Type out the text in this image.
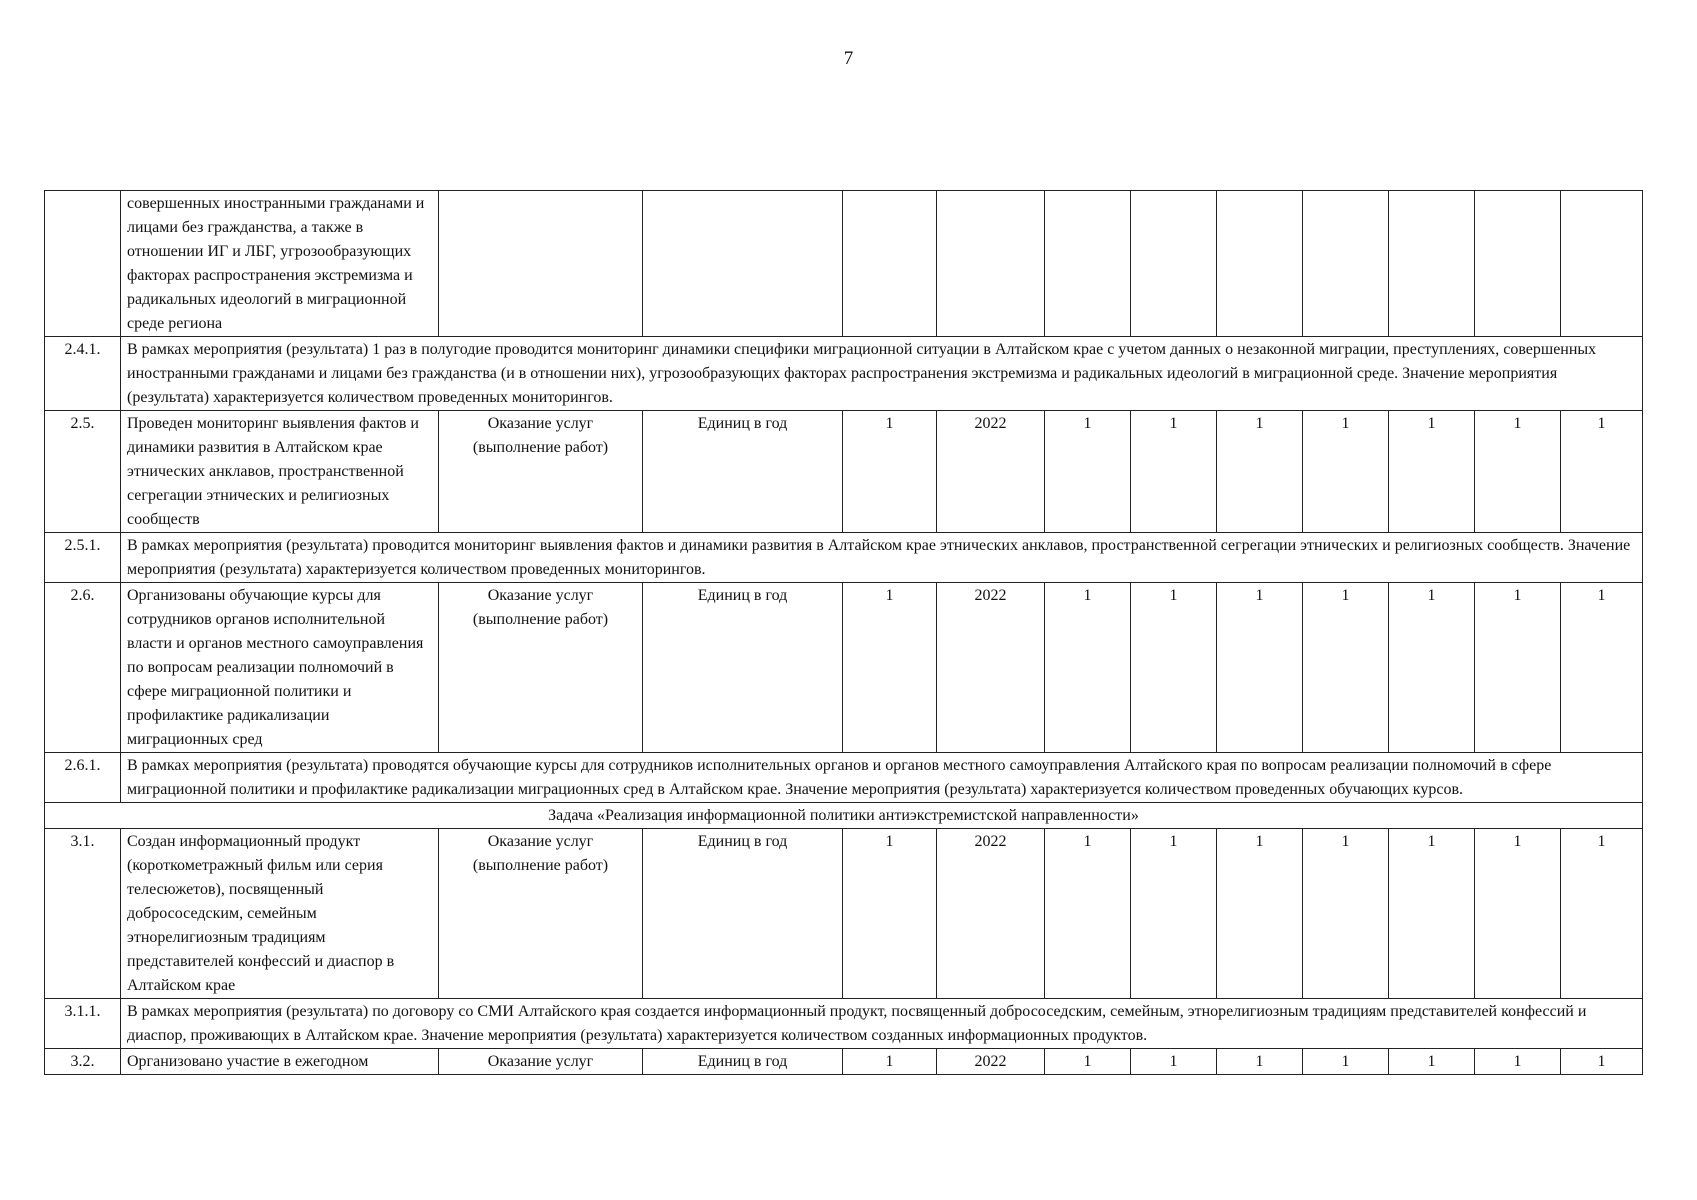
7
	совершенных иностранными гражданами и лицами без гражданства, а также в отношении ИГ и ЛБГ, угрозообразующих факторах распространения экстремизма и радикальных идеологий в миграционной среде региона											
2.4.1.	В рамках мероприятия (результата) 1 раз в полугодие проводится мониторинг динамики специфики миграционной ситуации в Алтайском крае с учетом данных о незаконной миграции, преступлениях, совершенных иностранными гражданами и лицами без гражданства (и в отношении них), угрозообразующих факторах распространения экстремизма и радикальных идеологий в миграционной среде. Значение мероприятия (результата) характеризуется количеством проведенных мониторингов.											
2.5.	Проведен мониторинг выявления фактов и динамики развития в Алтайском крае этнических анклавов, пространственной сегрегации этнических и религиозных сообществ	Оказание услуг (выполнение работ)	Единиц в год	1	2022	1	1	1	1	1	1	1
2.5.1.	В рамках мероприятия (результата) проводится мониторинг выявления фактов и динамики развития в Алтайском крае этнических анклавов, пространственной сегрегации этнических и религиозных сообществ. Значение мероприятия (результата) характеризуется количеством проведенных мониторингов.											
2.6.	Организованы обучающие курсы для сотрудников органов исполнительной власти и органов местного самоуправления по вопросам реализации полномочий в сфере миграционной политики и профилактике радикализации миграционных сред	Оказание услуг (выполнение работ)	Единиц в год	1	2022	1	1	1	1	1	1	1
2.6.1.	В рамках мероприятия (результата) проводятся обучающие курсы для сотрудников исполнительных органов и органов местного самоуправления Алтайского края по вопросам реализации полномочий в сфере миграционной политики и профилактике радикализации миграционных сред в Алтайском крае. Значение мероприятия (результата) характеризуется количеством проведенных обучающих курсов.											
Задача «Реализация информационной политики антиэкстремистской направленности»												
3.1.	Создан информационный продукт (короткометражный фильм или серия телесюжетов), посвященный добрососедским, семейным этнорелигиозным традициям представителей конфессий и диаспор в Алтайском крае	Оказание услуг (выполнение работ)	Единиц в год	1	2022	1	1	1	1	1	1	1
3.1.1.	В рамках мероприятия (результата) по договору со СМИ Алтайского края создается информационный продукт, посвященный добрососедским, семейным, этнорелигиозным традициям представителей конфессий и диаспор, проживающих в Алтайском крае. Значение мероприятия (результата) характеризуется количеством созданных информационных продуктов.											
3.2.	Организовано участие в ежегодном	Оказание услуг	Единиц в год	1	2022	1	1	1	1	1	1	1
